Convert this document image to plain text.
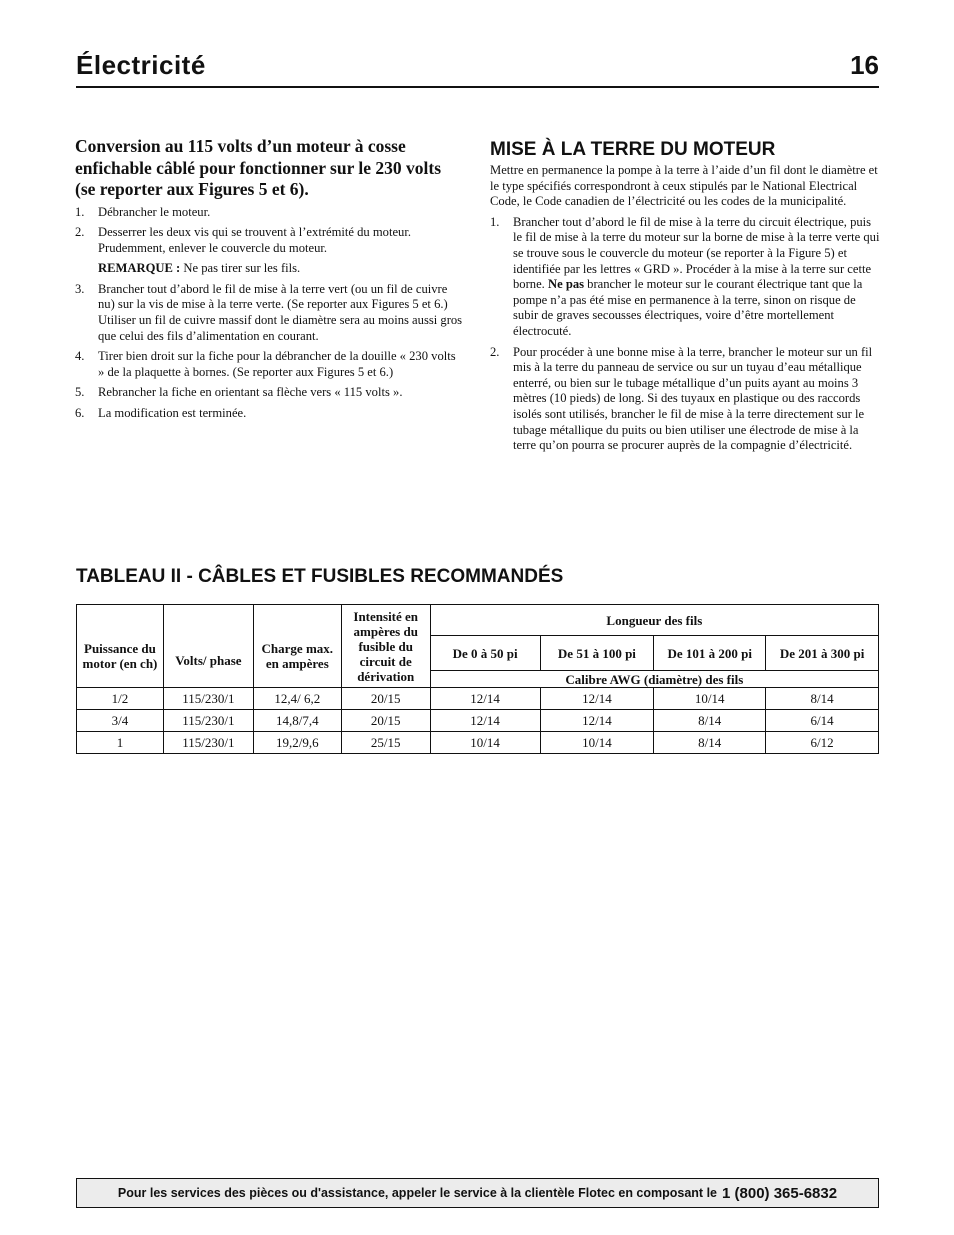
Électricité	16
Conversion au 115 volts d’un moteur à cosse enfichable câblé pour fonctionner sur le 230 volts (se reporter aux Figures 5 et 6).
1. Débrancher le moteur.
2. Desserrer les deux vis qui se trouvent à l’extrémité du moteur. Prudemment, enlever le couvercle du moteur.
REMARQUE : Ne pas tirer sur les fils.
3. Brancher tout d’abord le fil de mise à la terre vert (ou un fil de cuivre nu) sur la vis de mise à la terre verte. (Se reporter aux Figures 5 et 6.) Utiliser un fil de cuivre massif dont le diamètre sera au moins aussi gros que celui des fils d’alimentation en courant.
4. Tirer bien droit sur la fiche pour la débrancher de la douille « 230 volts » de la plaquette à bornes. (Se reporter aux Figures 5 et 6.)
5. Rebrancher la fiche en orientant sa flèche vers « 115 volts ».
6. La modification est terminée.
MISE À LA TERRE DU MOTEUR
Mettre en permanence la pompe à la terre à l’aide d’un fil dont le diamètre et le type spécifiés correspondront à ceux stipulés par le National Electrical Code, le Code canadien de l’électricité ou les codes de la municipalité.
1. Brancher tout d’abord le fil de mise à la terre du circuit électrique, puis le fil de mise à la terre du moteur sur la borne de mise à la terre verte qui se trouve sous le couvercle du moteur (se reporter à la Figure 5) et identifiée par les lettres « GRD ». Procéder à la mise à la terre sur cette borne. Ne pas brancher le moteur sur le courant électrique tant que la pompe n’a pas été mise en permanence à la terre, sinon on risque de subir de graves secousses électriques, voire d’être mortellement électrocuté.
2. Pour procéder à une bonne mise à la terre, brancher le moteur sur un fil mis à la terre du panneau de service ou sur un tuyau d’eau métallique enterré, ou bien sur le tubage métallique d’un puits ayant au moins 3 mètres (10 pieds) de long. Si des tuyaux en plastique ou des raccords isolés sont utilisés, brancher le fil de mise à la terre directement sur le tubage métallique du puits ou bien utiliser une électrode de mise à la terre qu’on pourra se procurer auprès de la compagnie d’électricité.
TABLEAU II - CÂBLES ET FUSIBLES RECOMMANDÉS
Puissance du motor (en ch)	Volts/ phase	Charge max. en ampères	Intensité en ampères du fusible du circuit de dérivation	Longueur des fils			
				De 0 à 50 pi	De 51 à 100 pi	De 101 à 200 pi	De 201 à 300 pi
				Calibre AWG (diamètre) des fils			
1/2	115/230/1	12,4/ 6,2	20/15	12/14	12/14	10/14	8/14
3/4	115/230/1	14,8/7,4	20/15	12/14	12/14	8/14	6/14
1	115/230/1	19,2/9,6	25/15	10/14	10/14	8/14	6/12
Pour les services des pièces ou d'assistance, appeler le service à la clientèle Flotec en composant le 1 (800) 365-6832
